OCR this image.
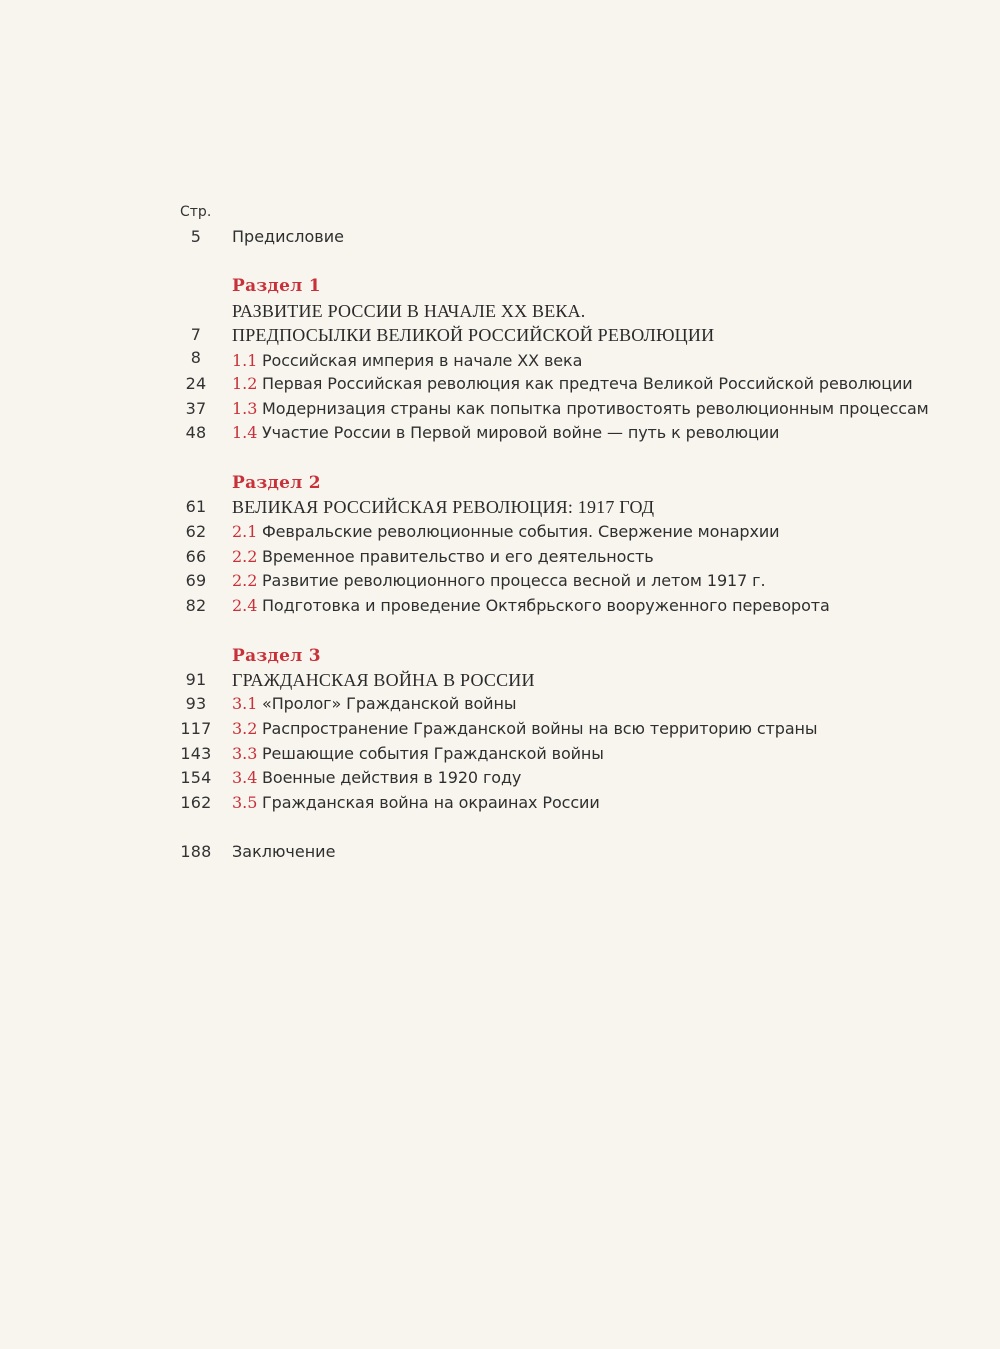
Стр.
5	Предисловие
Раздел 1
РАЗВИТИЕ РОССИИ В НАЧАЛЕ XX ВЕКА.
7	ПРЕДПОСЫЛКИ ВЕЛИКОЙ РОССИЙСКОЙ РЕВОЛЮЦИИ
8	1.1 Российская империя в начале XX века
24	1.2 Первая Российская революция как предтеча Великой Российской революции
37	1.3 Модернизация страны как попытка противостоять революционным процессам
48	1.4 Участие России в Первой мировой войне — путь к революции
Раздел 2
61	ВЕЛИКАЯ РОССИЙСКАЯ РЕВОЛЮЦИЯ: 1917 ГОД
62	2.1 Февральские революционные события. Свержение монархии
66	2.2 Временное правительство и его деятельность
69	2.2 Развитие революционного процесса весной и летом 1917 г.
82	2.4 Подготовка и проведение Октябрьского вооруженного переворота
Раздел 3
91	ГРАЖДАНСКАЯ ВОЙНА В РОССИИ
93	3.1 «Пролог» Гражданской войны
117	3.2 Распространение Гражданской войны на всю территорию страны
143	3.3 Решающие события Гражданской войны
154	3.4 Военные действия в 1920 году
162	3.5 Гражданская война на окраинах России
188	Заключение
